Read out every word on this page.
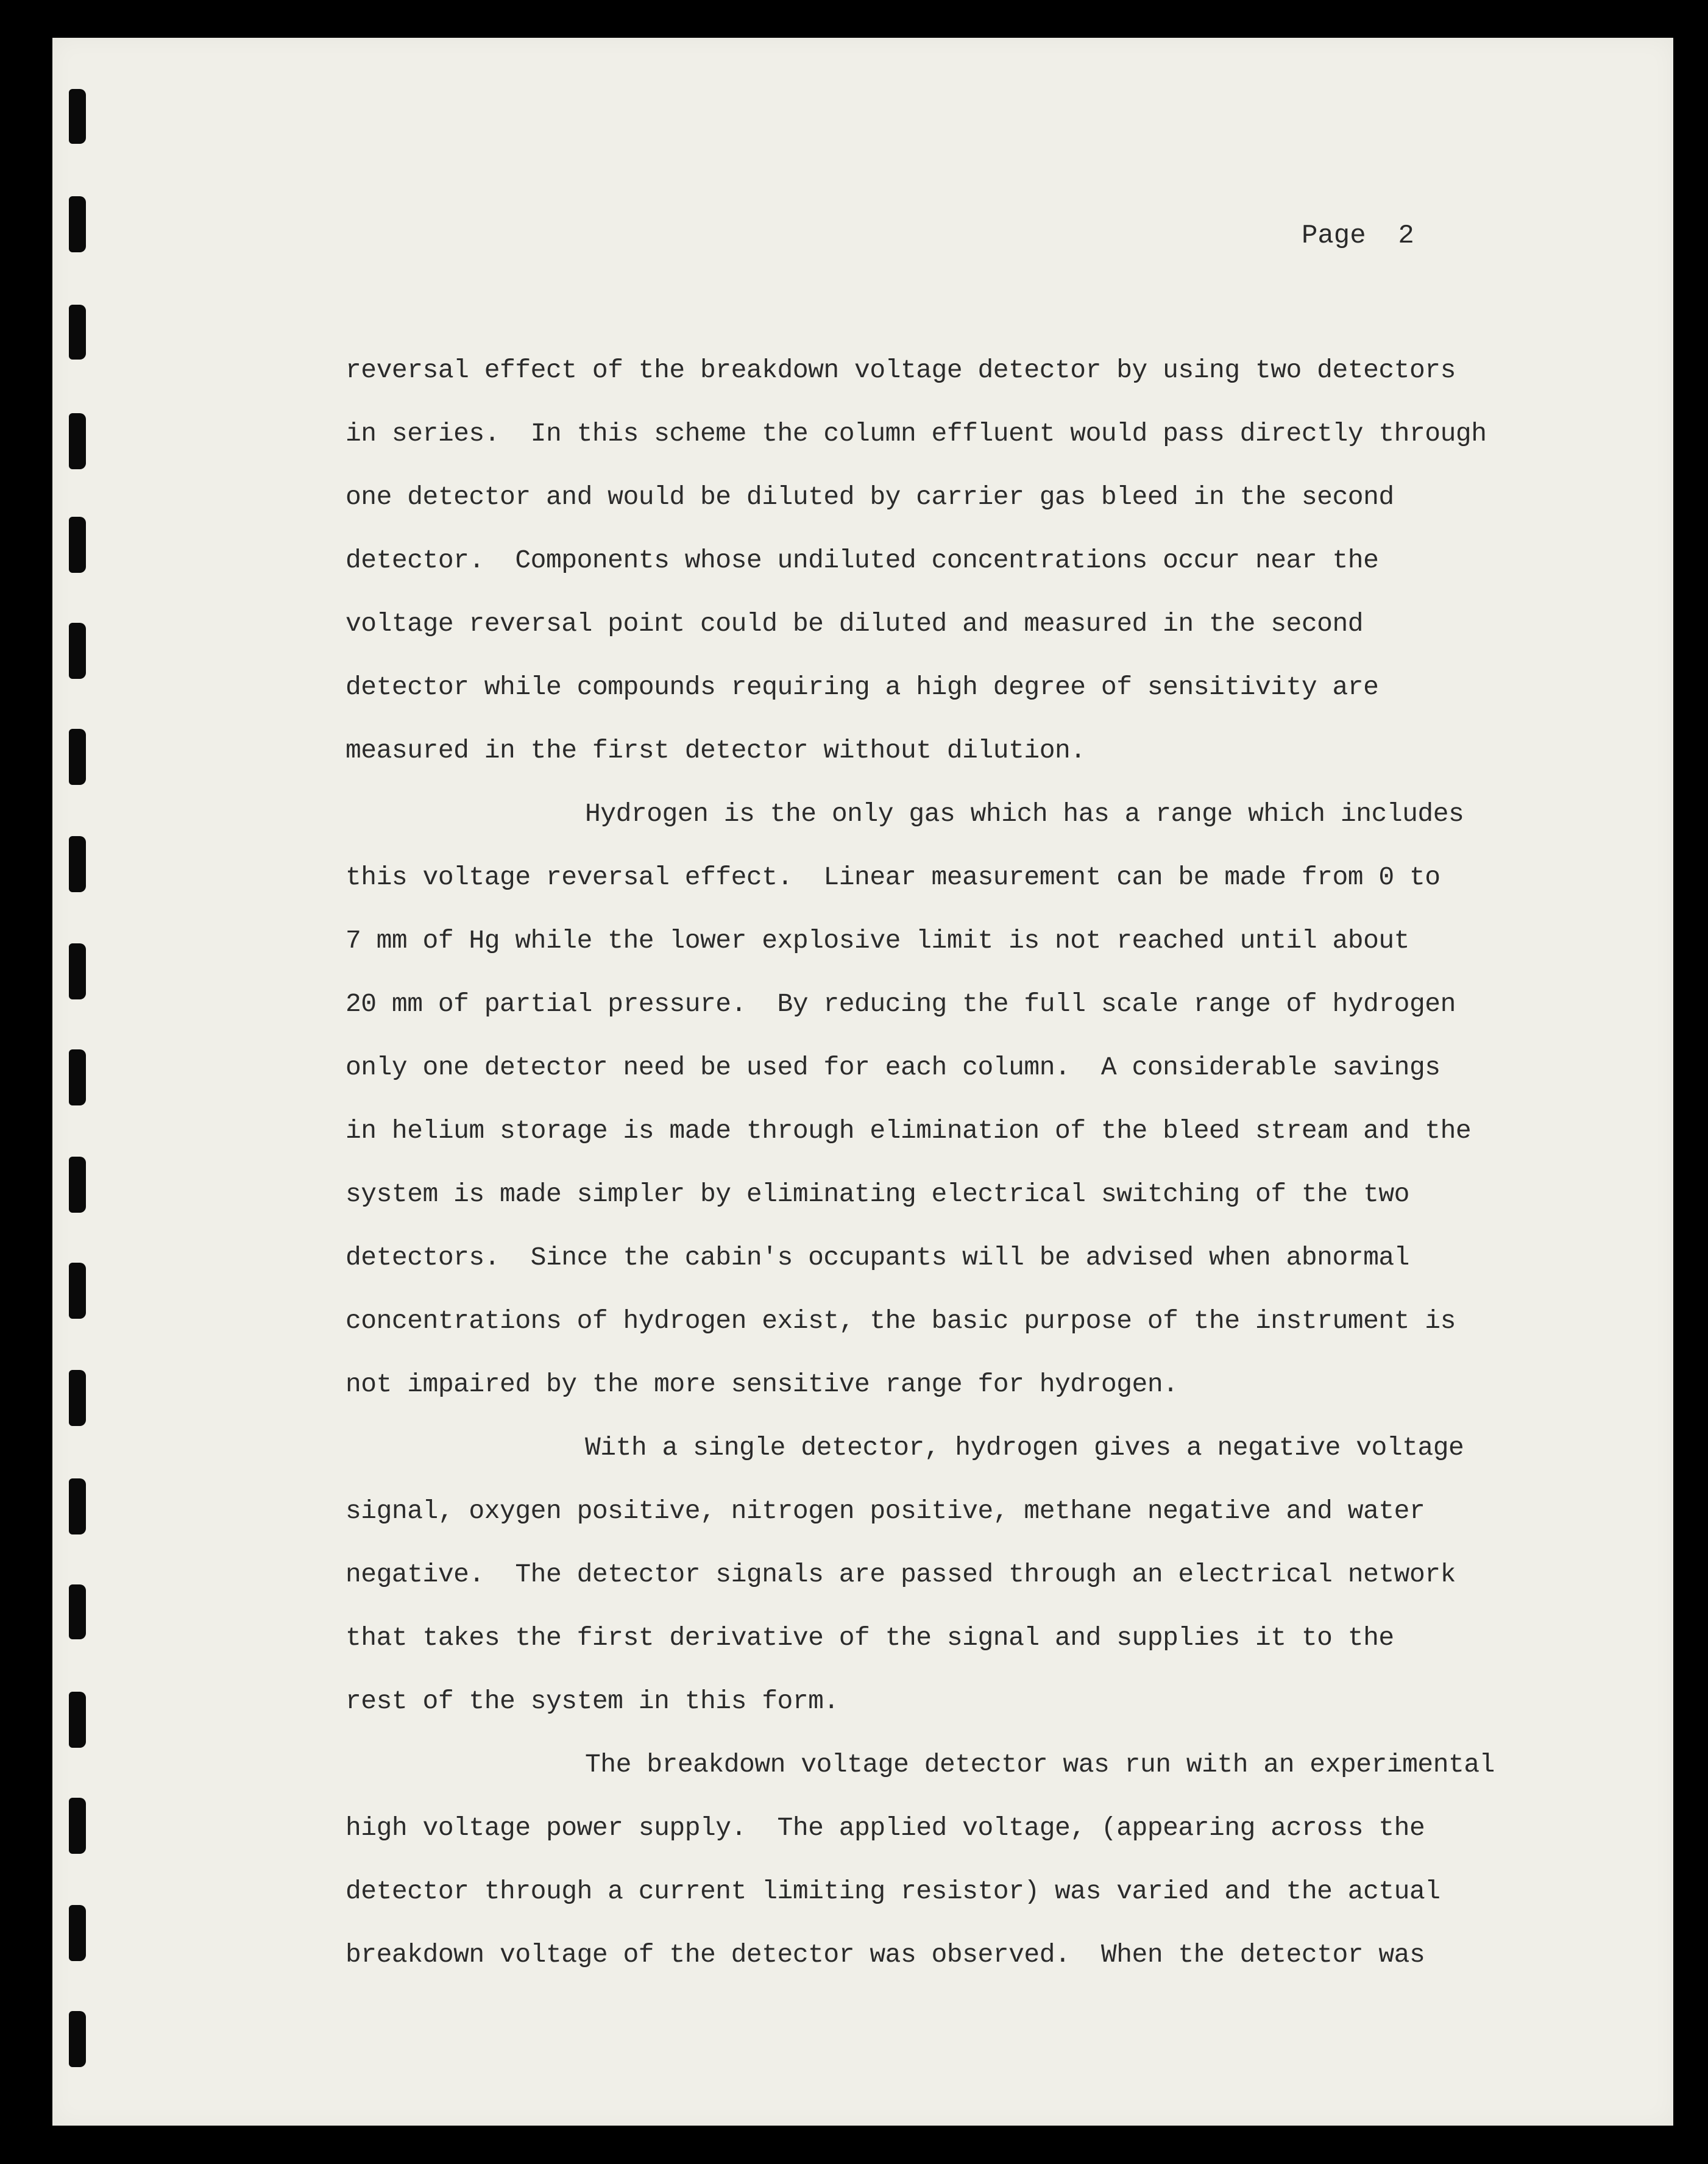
Page  2
reversal effect of the breakdown voltage detector by using two detectors
in series.  In this scheme the column effluent would pass directly through
one detector and would be diluted by carrier gas bleed in the second
detector.  Components whose undiluted concentrations occur near the
voltage reversal point could be diluted and measured in the second
detector while compounds requiring a high degree of sensitivity are
measured in the first detector without dilution.
Hydrogen is the only gas which has a range which includes
this voltage reversal effect.  Linear measurement can be made from 0 to
7 mm of Hg while the lower explosive limit is not reached until about
20 mm of partial pressure.  By reducing the full scale range of hydrogen
only one detector need be used for each column.  A considerable savings
in helium storage is made through elimination of the bleed stream and the
system is made simpler by eliminating electrical switching of the two
detectors.  Since the cabin's occupants will be advised when abnormal
concentrations of hydrogen exist, the basic purpose of the instrument is
not impaired by the more sensitive range for hydrogen.
With a single detector, hydrogen gives a negative voltage
signal, oxygen positive, nitrogen positive, methane negative and water
negative.  The detector signals are passed through an electrical network
that takes the first derivative of the signal and supplies it to the
rest of the system in this form.
The breakdown voltage detector was run with an experimental
high voltage power supply.  The applied voltage, (appearing across the
detector through a current limiting resistor) was varied and the actual
breakdown voltage of the detector was observed.  When the detector was
